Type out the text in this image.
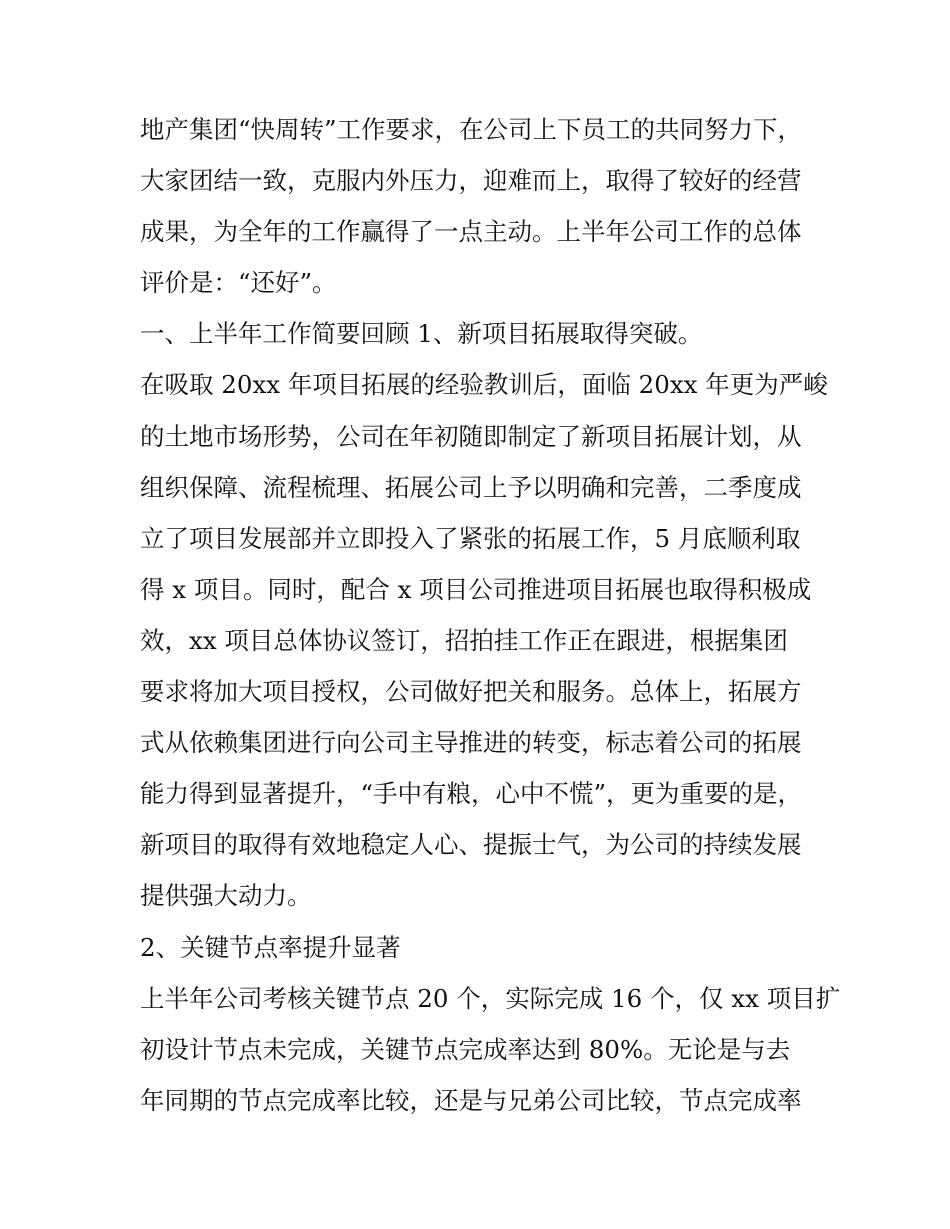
地产集团“快周转”工作要求，在公司上下员工的共同努力下，
大家团结一致，克服内外压力，迎难而上，取得了较好的经营
成果，为全年的工作赢得了一点主动。上半年公司工作的总体
评价是：“还好”。
一、上半年工作简要回顾 1、新项目拓展取得突破。
在吸取 20xx 年项目拓展的经验教训后，面临 20xx 年更为严峻
的土地市场形势，公司在年初随即制定了新项目拓展计划，从
组织保障、流程梳理、拓展公司上予以明确和完善，二季度成
立了项目发展部并立即投入了紧张的拓展工作，5 月底顺利取
得 x 项目。同时，配合 x 项目公司推进项目拓展也取得积极成
效，xx 项目总体协议签订，招拍挂工作正在跟进，根据集团
要求将加大项目授权，公司做好把关和服务。总体上，拓展方
式从依赖集团进行向公司主导推进的转变，标志着公司的拓展
能力得到显著提升，“手中有粮，心中不慌”，更为重要的是，
新项目的取得有效地稳定人心、提振士气，为公司的持续发展
提供强大动力。
2、关键节点率提升显著
上半年公司考核关键节点 20 个，实际完成 16 个，仅 xx 项目扩
初设计节点未完成，关键节点完成率达到 80%。无论是与去
年同期的节点完成率比较，还是与兄弟公司比较，节点完成率
